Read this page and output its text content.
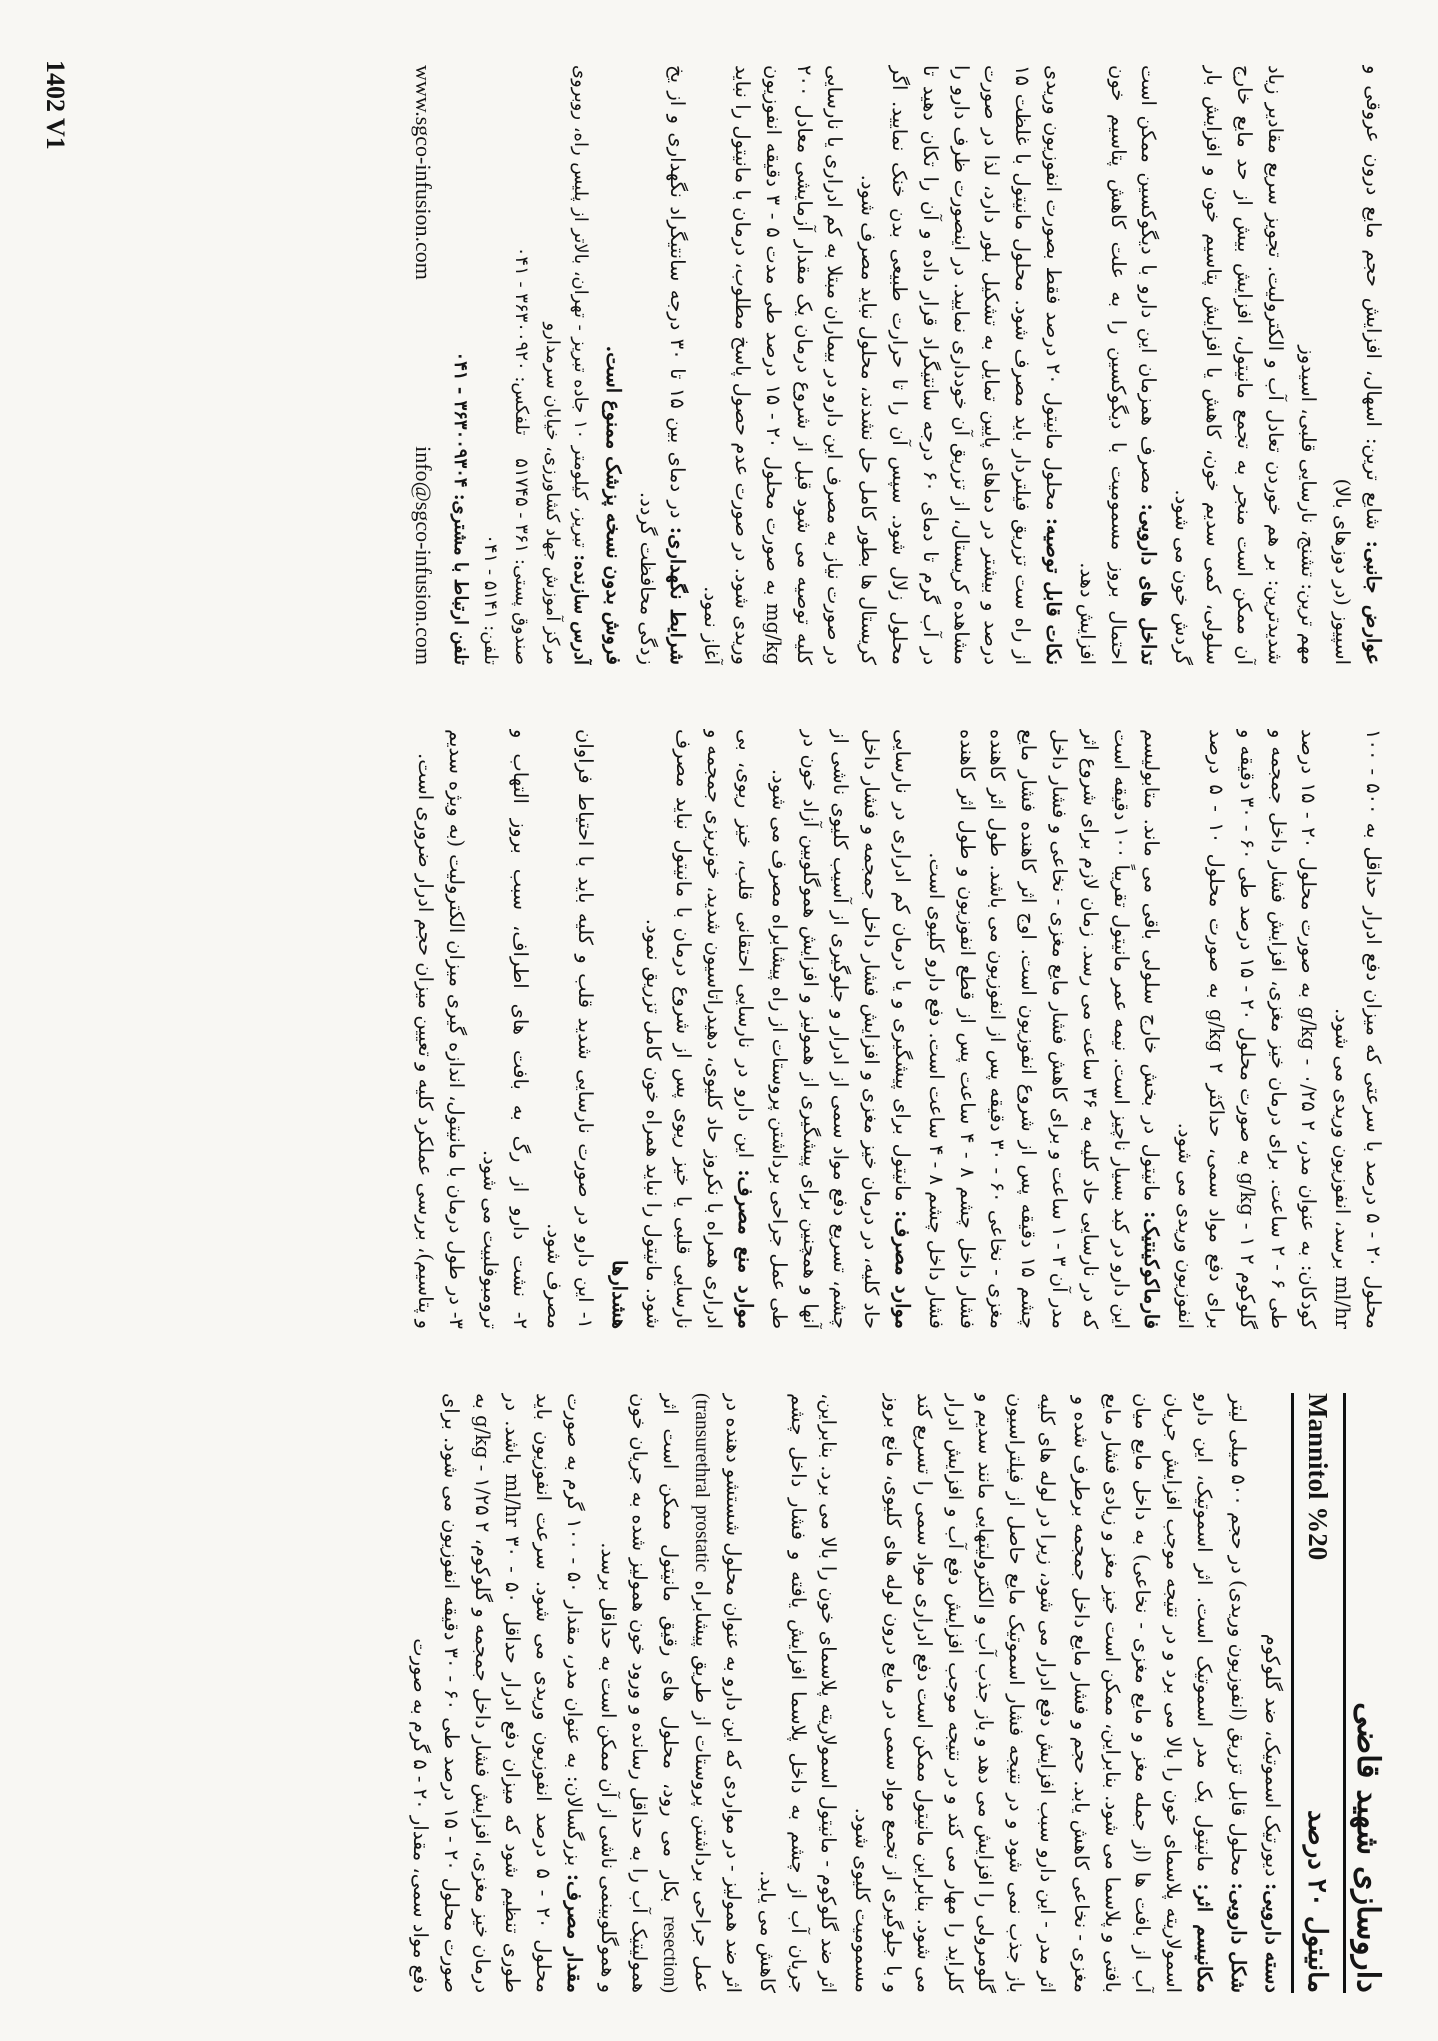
داروسازی شهید قاضی
مانیتول ۲۰ درصد
Mannitol %20

دسته دارویی: دیورتیک اسموتیک، ضد گلوکوم

شکل دارویی: محلول قابل تزریق (انفوزیون وریدی) در حجم ۵۰۰ میلی لیتر

مکانیسم اثر: مانیتول یک مدر اسموتیک است. اثر اسموتیک، این دارو اسمولاریته پلاسمای خون را بالا می برد و در نتیجه موجب افزایش جریان آب از بافت ها (از جمله مغز و مایع مغزی - نخاعی) به داخل مایع میان بافتی و پلاسما می شود. بنابراین، ممکن است خیز مغز و زیادی فشار مایع مغزی - نخاعی کاهش یابد. حجم و فشار مایع داخل جمجمه برطرف شده و

اثر مدر - این دارو سبب افزایش دفع ادرار می شود، زیرا در لوله های کلیه باز جذب نمی شود و در نتیجه فشار اسموتیک مایع حاصل از فیلتراسیون گلومرولی را افزایش می دهد و باز جذب آب و الکترولیتهایی مانند سدیم و کلراید را مهار می کند و در نتیجه موجب افزایش دفع آب و افزایش ادرار می شود. بنابراین مانیتول ممکن است دفع ادراری مواد سمی را تسریع کند و با جلوگیری از تجمع مواد سمی در مایع درون لوله های کلیوی، مانع بروز مسمومیت کلیوی شود.

اثر ضد گلوکوم - مانیتول اسمولاریته پلاسمای خون را بالا می برد. بنابراین، جریان آب از چشم به داخل پلاسما افزایش یافته و فشار داخل چشم کاهش می یابد.

اثر ضد همولیز - در مواردی که این دارو به عنوان محلول شستشو دهنده در عمل جراحی برداشتن پروستات از طریق پیشابراه (transurethral prostatic resection) بکار می رود، محلول های رقیق مانیتول ممکن است اثر همولیتیک آب را به حداقل رسانده و ورود خون همولیز شده به جریان خون و هموگلوبینمی ناشی از آن ممکن است به حداقل برسد.

مقدار مصرف: بزرگسالان: به عنوان مدر، مقدار ۵۰ - ۱۰۰ گرم به صورت محلول ۲۰ - ۵ درصد انفوزیون وریدی می شود. سرعت انفوزیون باید طوری تنظیم شود که میزان دفع ادرار حداقل ۵۰ - ۳۰ ml/hr باشد. در درمان خیز مغزی، افزایش فشار داخل جمجمه و گلوکوم، ۲ g/kg - ۱/۲۵ به صورت محلول ۲۰ - ۱۵ درصد طی ۶۰ - ۳۰ دقیقه انفوزیون می شود. برای دفع مواد سمی، مقدار ۲۰ - ۵ گرم به صورت

محلول ۲۰ - ۵ درصد با سرعتی که میزان دفع ادرار حداقل به ۵۰۰ - ۱۰۰ ml/hr برسد، انفوزیون وریدی می شود.

کودکان: به عنوان مدر، ۲ g/kg - ۰/۲۵ به صورت محلول ۲۰ - ۱۵ درصد طی ۶ - ۲ ساعت. برای درمان خیز مغزی، افزایش فشار داخل جمجمه و گلوکوم ۲ g/kg - ۱ به صورت محلول ۲۰ - ۱۵ درصد طی ۶۰ - ۳۰ دقیقه و برای دفع مواد سمی، حداکثر ۲ g/kg به صورت محلول ۱۰ - ۵ درصد انفوزیون وریدی می شود.

فارماکوکینتیک: مانیتول در بخش خارج سلولی باقی می ماند. متابولیسم این دارو در کبد بسیار ناچیز است. نیمه عمر مانیتول تقریباً ۱۰۰ دقیقه است که در نارسایی حاد کلیه به ۳۶ ساعت می رسد. زمان لازم برای شروع اثر مدر آن ۳ - ۱ ساعت و برای کاهش فشار مایع مغزی - نخاعی و فشار داخل چشم ۱۵ دقیقه پس از شروع انفوزیون است. اوج اثر کاهنده فشار مایع مغزی - نخاعی ۶۰ - ۳۰ دقیقه پس از انفوزیون می باشد. طول اثر کاهنده فشار داخل چشم ۸ - ۴ ساعت پس از قطع انفوزیون و طول اثر کاهنده فشار داخل چشم ۸ - ۴ ساعت است. دفع دارو کلیوی است.

موارد مصرف: مانیتول برای پیشگیری و یا درمان کم ادراری در نارسایی حاد کلیه، در درمان خیز مغزی و افزایش فشار داخل جمجمه و فشار داخل چشم، تسریع دفع مواد سمی از ادرار و جلوگیری از آسیب کلیوی ناشی از آنها و همچنین برای پیشگیری از همولیز و افزایش هموگلوبین آزاد خون در طی عمل جراحی برداشتن پروستات از راه پیشابراه مصرف می شود.

موارد منع مصرف: این دارو در نارسایی احتقانی قلب، خیز ریوی، بی ادراری همراه با نکروز حاد کلیوی، دهیدراتاسیون شدید، خونریزی جمجمه و نارسایی قلبی یا خیز ریوی پس از شروع درمان با مانیتول نباید مصرف شود. مانیتول را نباید همراه خون کامل تزریق نمود.

هشدارها

۱- این دارو در صورت نارسایی شدید قلب و کلیه باید با احتیاط فراوان مصرف شود.

۲- نشت دارو از رگ به بافت های اطراف، سبب بروز التهاب و ترومبوفلبیت می شود.

۳- در طول درمان با مانیتول، اندازه گیری میزان الکترولیت (به ویژه سدیم و پتاسیم)، بررسی عملکرد کلیه و تعیین میزان حجم ادرار ضروری است.

عوارض جانبی: شایع ترین: اسهال، افزایش حجم مایع درون عروقی و اسپیوز (در دوزهای بالا)

مهم ترین: تشنج، نارسایی قلبی، اسیدوز

شدیدترین: بر هم خوردن تعادل آب و الکترولیت. تجویز سریع مقادیر زیاد آن ممکن است منجر به تجمع مانیتول، افزایش بیش از حد مایع خارج سلولی، کمی سدیم خون، کاهش یا افزایش پتاسیم خون و افزایش بار گردش خون می شود.

تداخل های دارویی: مصرف همزمان این دارو با دیگوکسین ممکن است احتمال بروز مسمومیت با دیگوکسین را به علت کاهش پتاسیم خون افزایش دهد.

نکات قابل توصیه: محلول مانیتول ۲۰ درصد فقط بصورت انفوزیون وریدی از راه ست تزریق فیلتردار باید مصرف شود. محلول مانیتول با غلظت ۱۵ درصد و بیشتر در دماهای پایین تمایل به تشکیل بلور دارد، لذا در صورت مشاهده کریستال، از تزریق آن خودداری نمایید. در اینصورت ظرف دارو را در آب گرم تا دمای ۶۰ درجه سانتیگراد قرار داده و آن را تکان دهید تا محلول زلال شود. سپس آن را تا حرارت طبیعی بدن خنک نمایید. اگر کریستال ها بطور کامل حل نشدند، محلول نباید مصرف شود.

در صورت نیاز به مصرف این دارو در بیماران مبتلا به کم ادراری یا نارسایی کلیه توصیه می شود قبل از شروع درمان یک مقدار آزمایشی معادل ۲۰۰ mg/kg به صورت محلول ۲۰ - ۱۵ درصد طی مدت ۵ - ۳ دقیقه انفوزیون وریدی شود. در صورت عدم حصول پاسخ مطلوب، درمان با مانیتول را نباید آغاز نمود.

شرایط نگهداری: در دمای بین ۱۵ تا ۳۰ درجه سانتیگراد نگهداری و از یخ زدگی محافظت گردد.

فروش بدون نسخه پزشک ممنوع است.

آدرس سازنده: تبریز، کیلومتر ۱۰ جاده تبریز - تهران، بالاتر از پلیس راه، روبروی مرکز آموزش جهاد کشاورزی، خیابان سرمدارو

صندوق پستی: ۳۶۱ - ۵۱۷۴۵    تلفکس: ۳۶۳۰۰۹۲۰ - ۰۴۱

تلفن: ۵۱۴۱ - ۰۴۱

تلفن ارتباط با مشتری: ۳۶۳۰۰۹۳۰۴ - ۰۴۱

www.sgco-infusion.com
info@sgco-infusion.com
1402 V1
